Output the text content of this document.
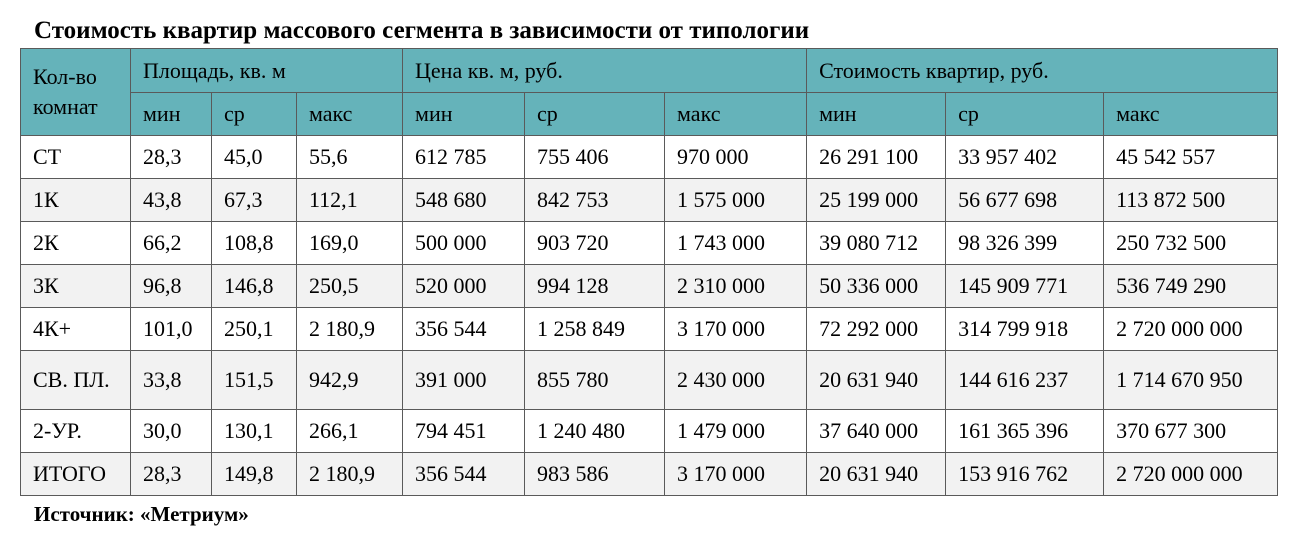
Стоимость квартир массового сегмента в зависимости от типологии
Кол-во комнат	Площадь, кв. м			Цена кв. м, руб.			Стоимость квартир, руб.		
	мин	ср	макс	мин	ср	макс	мин	ср	макс
СТ	28,3	45,0	55,6	612 785	755 406	970 000	26 291 100	33 957 402	45 542 557
1К	43,8	67,3	112,1	548 680	842 753	1 575 000	25 199 000	56 677 698	113 872 500
2К	66,2	108,8	169,0	500 000	903 720	1 743 000	39 080 712	98 326 399	250 732 500
3К	96,8	146,8	250,5	520 000	994 128	2 310 000	50 336 000	145 909 771	536 749 290
4К+	101,0	250,1	2 180,9	356 544	1 258 849	3 170 000	72 292 000	314 799 918	2 720 000 000
СВ. ПЛ.	33,8	151,5	942,9	391 000	855 780	2 430 000	20 631 940	144 616 237	1 714 670 950
2-УР.	30,0	130,1	266,1	794 451	1 240 480	1 479 000	37 640 000	161 365 396	370 677 300
ИТОГО	28,3	149,8	2 180,9	356 544	983 586	3 170 000	20 631 940	153 916 762	2 720 000 000
Источник: «Метриум»
